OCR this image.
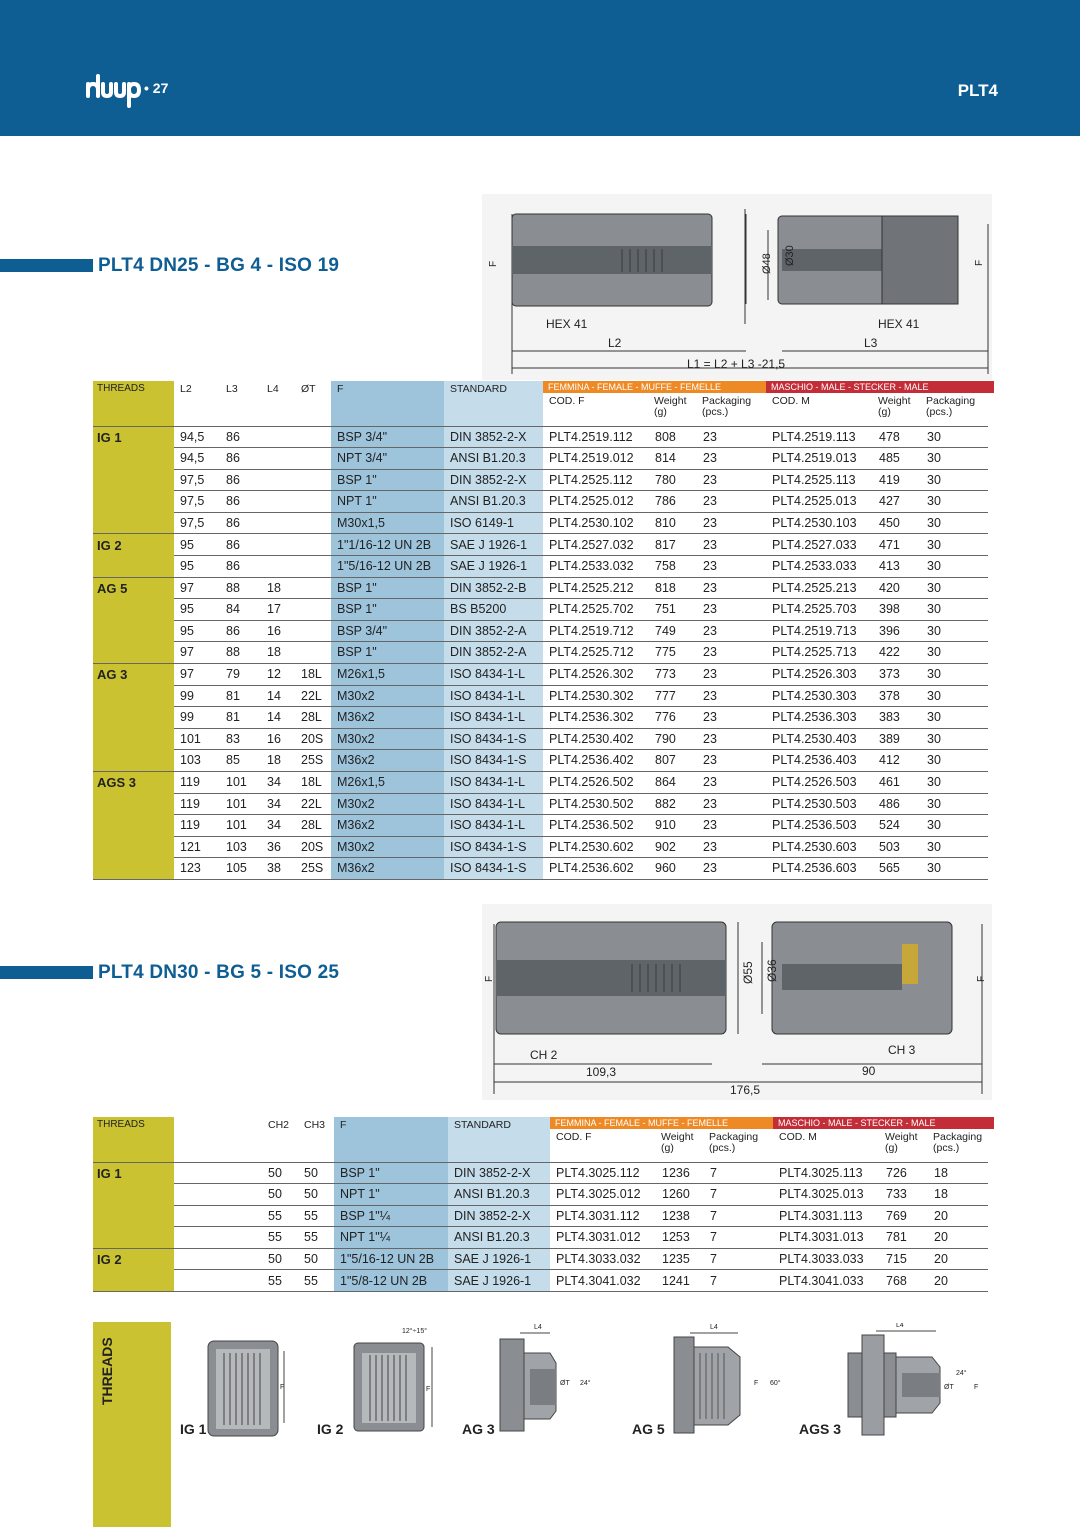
• 27	PLT4
PLT4 DN25 - BG 4 - ISO 19	F	Ø48 Ø30	F
HEX 41	HEX 41
L2	L3
L1 = L2 + L3 -21,5
THREADS	L2	L3	L4	ØT	F	STANDARD	FEMMINA - FEMALE - MUFFE - FEMELLE
COD. F	Weight
(g)	Packaging
(pcs.)

MASCHIO - MALE - STECKER - MALE
COD. M	Weight
(g)	Packaging
(pcs.)

IG 1	94,5	86			BSP 3/4"	DIN 3852-2-X	PLT4.2519.112	808	23	PLT4.2519.113	478	30
	94,5	86			NPT 3/4"	ANSI B1.20.3	PLT4.2519.012	814	23	PLT4.2519.013	485	30
	97,5	86			BSP 1"	DIN 3852-2-X	PLT4.2525.112	780	23	PLT4.2525.113	419	30
	97,5	86			NPT 1"	ANSI B1.20.3	PLT4.2525.012	786	23	PLT4.2525.013	427	30
	97,5	86			M30x1,5	ISO 6149-1	PLT4.2530.102	810	23	PLT4.2530.103	450	30
IG 2	95	86			1"1/16-12 UN 2B	SAE J 1926-1	PLT4.2527.032	817	23	PLT4.2527.033	471	30
	95	86			1"5/16-12 UN 2B	SAE J 1926-1	PLT4.2533.032	758	23	PLT4.2533.033	413	30
AG 5	97	88	18		BSP 1"	DIN 3852-2-B	PLT4.2525.212	818	23	PLT4.2525.213	420	30
	95	84	17		BSP 1"	BS B5200	PLT4.2525.702	751	23	PLT4.2525.703	398	30
	95	86	16		BSP 3/4"	DIN 3852-2-A	PLT4.2519.712	749	23	PLT4.2519.713	396	30
	97	88	18		BSP 1"	DIN 3852-2-A	PLT4.2525.712	775	23	PLT4.2525.713	422	30
AG 3	97	79	12	18L	M26x1,5	ISO 8434-1-L	PLT4.2526.302	773	23	PLT4.2526.303	373	30
	99	81	14	22L	M30x2	ISO 8434-1-L	PLT4.2530.302	777	23	PLT4.2530.303	378	30
	99	81	14	28L	M36x2	ISO 8434-1-L	PLT4.2536.302	776	23	PLT4.2536.303	383	30
	101	83	16	20S	M30x2	ISO 8434-1-S	PLT4.2530.402	790	23	PLT4.2530.403	389	30
	103	85	18	25S	M36x2	ISO 8434-1-S	PLT4.2536.402	807	23	PLT4.2536.403	412	30
AGS 3	119	101	34	18L	M26x1,5	ISO 8434-1-L	PLT4.2526.502	864	23	PLT4.2526.503	461	30
	119	101	34	22L	M30x2	ISO 8434-1-L	PLT4.2530.502	882	23	PLT4.2530.503	486	30
	119	101	34	28L	M36x2	ISO 8434-1-L	PLT4.2536.502	910	23	PLT4.2536.503	524	30
	121	103	36	20S	M30x2	ISO 8434-1-S	PLT4.2530.602	902	23	PLT4.2530.603	503	30
	123	105	38	25S	M36x2	ISO 8434-1-S	PLT4.2536.602	960	23	PLT4.2536.603	565	30
PLT4 DN30 - BG 5 - ISO 25	F	Ø55 Ø36	F
CH 2	CH 3
109,3	90
176,5
THREADS		CH2	CH3	F	STANDARD	FEMMINA - FEMALE - MUFFE - FEMELLE
COD. F	Weight
(g)	Packaging
(pcs.)

MASCHIO - MALE - STECKER - MALE
COD. M	Weight
(g)	Packaging
(pcs.)

IG 1		50	50	BSP 1"	DIN 3852-2-X	PLT4.3025.112	1236	7	PLT4.3025.113	726	18
		50	50	NPT 1"	ANSI B1.20.3	PLT4.3025.012	1260	7	PLT4.3025.013	733	18
		55	55	BSP 1"¼	DIN 3852-2-X	PLT4.3031.112	1238	7	PLT4.3031.113	769	20
		55	55	NPT 1"¼	ANSI B1.20.3	PLT4.3031.012	1253	7	PLT4.3031.013	781	20
IG 2		50	50	1"5/16-12 UN 2B	SAE J 1926-1	PLT4.3033.032	1235	7	PLT4.3033.033	715	20
		55	55	1"5/8-12 UN 2B	SAE J 1926-1	PLT4.3041.032	1241	7	PLT4.3041.033	768	20
THREADS	F
IG 1
12°÷15°
F
IG 2
L4
ØT 24°
AG 3
L4
F 60°
AG 5
L4
24°
ØT	F
AGS 3
